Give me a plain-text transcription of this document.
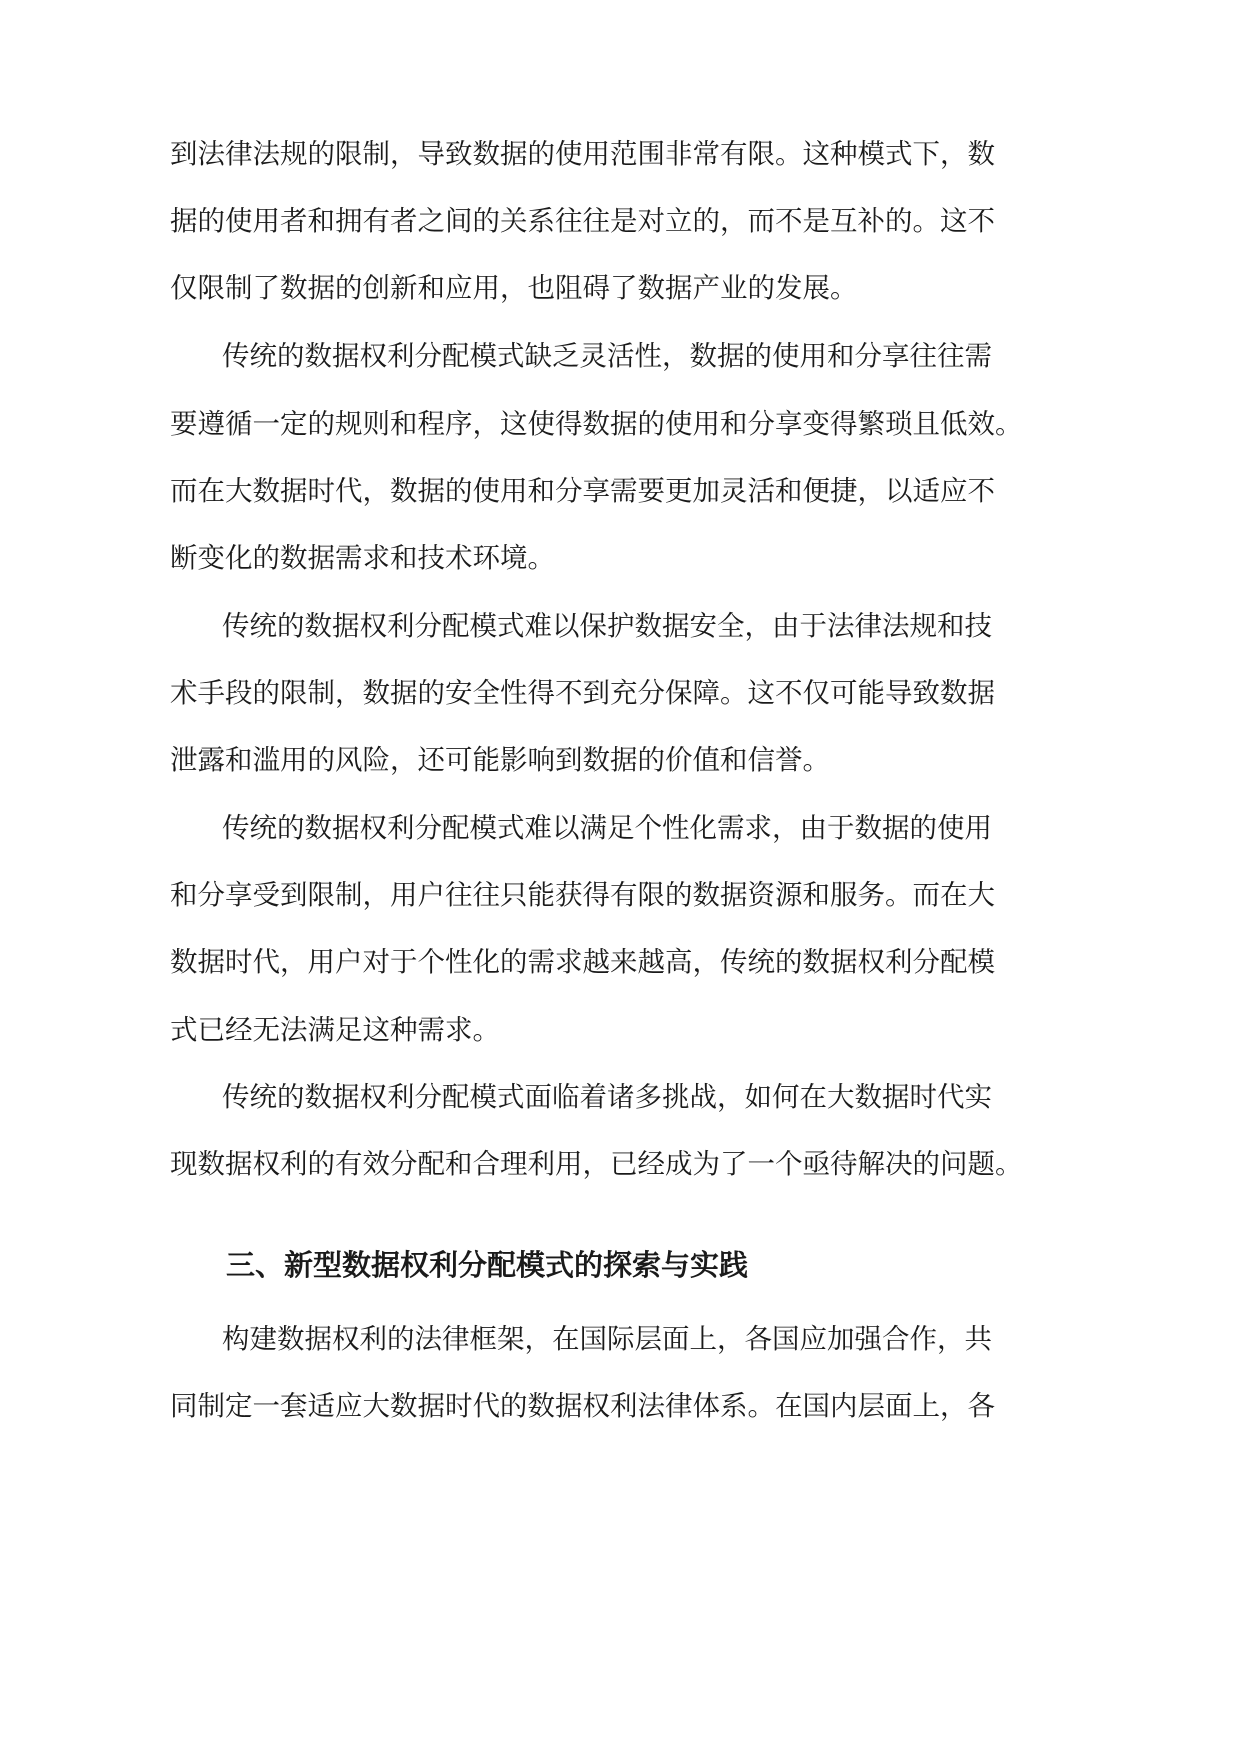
到法律法规的限制，导致数据的使用范围非常有限。这种模式下，数
据的使用者和拥有者之间的关系往往是对立的，而不是互补的。这不
仅限制了数据的创新和应用，也阻碍了数据产业的发展。
传统的数据权利分配模式缺乏灵活性，数据的使用和分享往往需
要遵循一定的规则和程序，这使得数据的使用和分享变得繁琐且低效。
而在大数据时代，数据的使用和分享需要更加灵活和便捷，以适应不
断变化的数据需求和技术环境。
传统的数据权利分配模式难以保护数据安全，由于法律法规和技
术手段的限制，数据的安全性得不到充分保障。这不仅可能导致数据
泄露和滥用的风险，还可能影响到数据的价值和信誉。
传统的数据权利分配模式难以满足个性化需求，由于数据的使用
和分享受到限制，用户往往只能获得有限的数据资源和服务。而在大
数据时代，用户对于个性化的需求越来越高，传统的数据权利分配模
式已经无法满足这种需求。
传统的数据权利分配模式面临着诸多挑战，如何在大数据时代实
现数据权利的有效分配和合理利用，已经成为了一个亟待解决的问题。
三、新型数据权利分配模式的探索与实践
构建数据权利的法律框架，在国际层面上，各国应加强合作，共
同制定一套适应大数据时代的数据权利法律体系。在国内层面上，各
